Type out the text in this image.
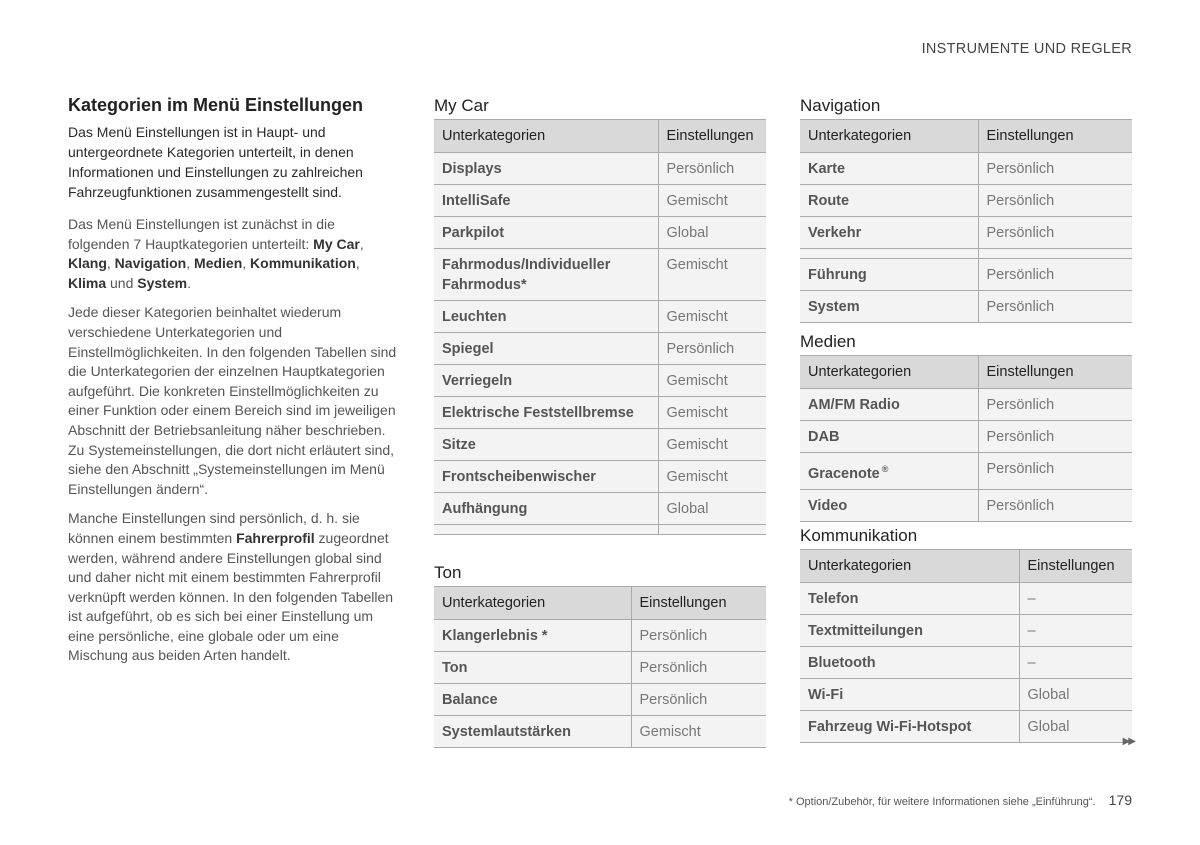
INSTRUMENTE UND REGLER
Kategorien im Menü Einstellungen

Das Menü Einstellungen ist in Haupt- und untergeordnete Kategorien unterteilt, in denen Informationen und Einstellungen zu zahlreichen Fahrzeugfunktionen zusammengestellt sind.

Das Menü Einstellungen ist zunächst in die folgenden 7 Hauptkategorien unterteilt: My Car, Klang, Navigation, Medien, Kommunikation, Klima und System.

Jede dieser Kategorien beinhaltet wiederum verschiedene Unterkategorien und Einstellmöglichkeiten. In den folgenden Tabellen sind die Unterkategorien der einzelnen Hauptkategorien aufgeführt. Die konkreten Einstellmöglichkeiten zu einer Funktion oder einem Bereich sind im jeweiligen Abschnitt der Betriebsanleitung näher beschrieben. Zu Systemeinstellungen, die dort nicht erläutert sind, siehe den Abschnitt „Systemeinstellungen im Menü Einstellungen ändern“.

Manche Einstellungen sind persönlich, d. h. sie können einem bestimmten Fahrerprofil zugeordnet werden, während andere Einstellungen global sind und daher nicht mit einem bestimmten Fahrerprofil verknüpft werden können. In den folgenden Tabellen ist aufgeführt, ob es sich bei einer Einstellung um eine persönliche, eine globale oder um eine Mischung aus beiden Arten handelt.

My Car
Unterkategorien	Einstellungen
Displays	Persönlich
IntelliSafe	Gemischt
Parkpilot	Global
Fahrmodus/Individueller Fahrmodus*	Gemischt
Leuchten	Gemischt
Spiegel	Persönlich
Verriegeln	Gemischt
Elektrische Feststellbremse	Gemischt
Sitze	Gemischt
Frontscheibenwischer	Gemischt
Aufhängung	Global

Ton
Unterkategorien	Einstellungen
Klangerlebnis *	Persönlich
Ton	Persönlich
Balance	Persönlich
Systemlautstärken	Gemischt
Navigation
Unterkategorien	Einstellungen
Karte	Persönlich
Route	Persönlich
Verkehr	Persönlich

Führung	Persönlich
System	Persönlich
Medien
Unterkategorien	Einstellungen
AM/FM Radio	Persönlich
DAB	Persönlich
Gracenote ®	Persönlich
Video	Persönlich
Kommunikation
Unterkategorien	Einstellungen
Telefon	–
Textmitteilungen	–
Bluetooth	–
Wi-Fi	Global
Fahrzeug Wi-Fi-Hotspot	Global
▶▶
* Option/Zubehör, für weitere Informationen siehe „Einführung“. 179
